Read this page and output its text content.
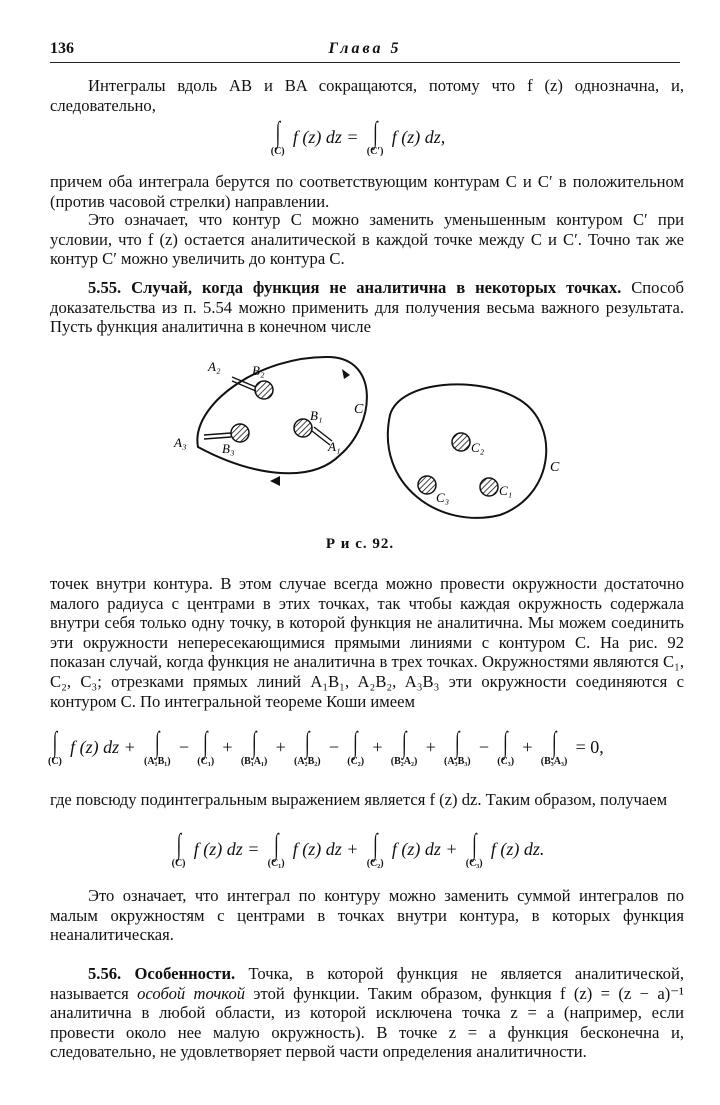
136	Глава 5
Интегралы вдоль AB и BA сокращаются, потому что f (z) однозначна, и, следовательно,
∫
(C)
f (z) dz = ∫
(C′)
f (z) dz,
причем оба интеграла берутся по соответствующим контурам C и C′ в положительном (против часовой стрелки) направлении.
Это означает, что контур C можно заменить уменьшенным контуром C′ при условии, что f (z) остается аналитической в каждой точке между C и C′. Точно так же контур C′ можно увеличить до контура C.
5.55. Случай, когда функция не аналитична в некоторых точках. Способ доказательства из п. 5.54 можно применить для получения весьма важного результата. Пусть функция аналитична в конечном числе
A₂ B₂
B₁
A₁
A₃	B₃
C
C₂
C₃	C₁
C
Р и с. 92.
точек внутри контура. В этом случае всегда можно провести окружности достаточно малого радиуса с центрами в этих точках, так чтобы каждая окружность содержала внутри себя только одну точку, в которой функция не аналитична. Мы можем соединить эти окружности непересекающимися прямыми линиями с контуром C. На рис. 92 показан случай, когда функция не аналитична в трех точках. Окружностями являются C₁, C₂, C₃; отрезками прямых линий A₁B₁, A₂B₂, A₃B₃ эти окружности соединяются с контуром C. По интегральной теореме Коши имеем
∫
(C)
f (z) dz + ∫
(A₁B₁)
− ∫
(C₁)
+ ∫
(B₁A₁)
+ ∫
(A₂B₂)
− ∫
(C₂)
+ ∫
(B₂A₂)
+ ∫
(A₃B₃)
− ∫
(C₃)
+ ∫
(B₃A₃)
= 0,
где повсюду подинтегральным выражением является f (z) dz. Таким образом, получаем
∫
(C)
f (z) dz = ∫
(C₁)
f (z) dz + ∫
(C₂)
f (z) dz + ∫
(C₃)
f (z) dz.
Это означает, что интеграл по контуру можно заменить суммой интегралов по малым окружностям с центрами в точках внутри контура, в которых функция неаналитическая.
5.56. Особенности. Точка, в которой функция не является аналитической, называется особой точкой этой функции. Таким образом, функция f (z) = (z − a)⁻¹ аналитична в любой области, из которой исключена точка z = a (например, если провести около нее малую окружность). В точке z = a функция бесконечна и, следовательно, не удовлетворяет первой части определения аналитичности.
